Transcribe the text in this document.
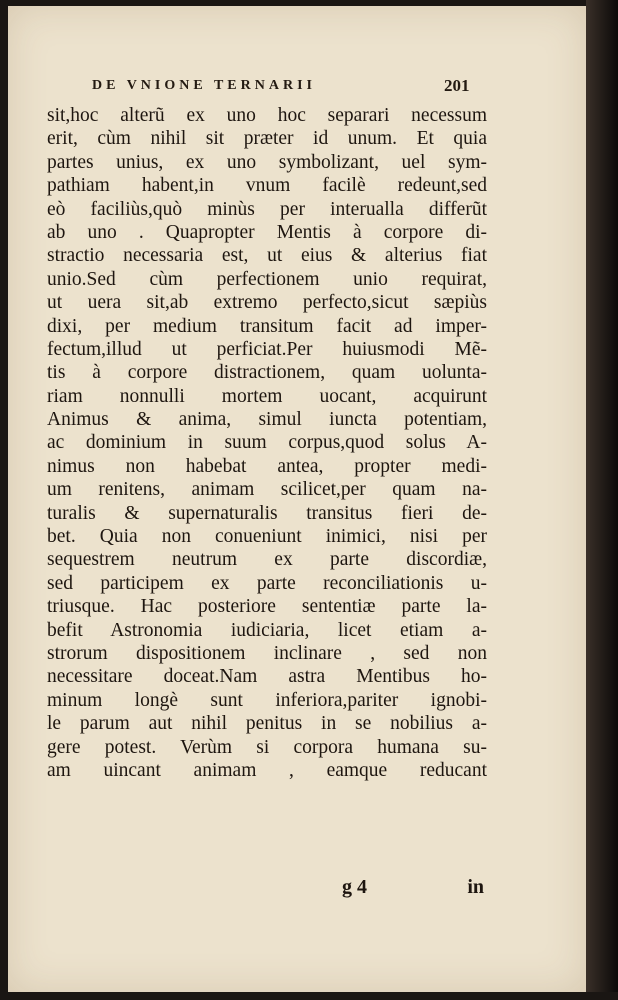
DE VNIONE TERNARII	201
sit,hoc alterũ ex uno hoc separari necessum
erit, cùm nihil sit præter id unum. Et quia
partes unius, ex uno symbolizant, uel sym-
pathiam habent,in vnum facilè redeunt,sed
eò faciliùs,quò minùs per interualla differũt
ab uno . Quapropter Mentis à corpore di-
stractio necessaria est, ut eius & alterius fiat
unio.Sed cùm perfectionem unio requirat,
ut uera sit,ab extremo perfecto,sicut sæpiùs
dixi, per medium transitum facit ad imper-
fectum,illud ut perficiat.Per huiusmodi Mẽ-
tis à corpore distractionem, quam uolunta-
riam nonnulli mortem uocant, acquirunt
Animus & anima, simul iuncta potentiam,
ac dominium in suum corpus,quod solus A-
nimus non habebat antea, propter medi-
um renitens, animam scilicet,per quam na-
turalis & supernaturalis transitus fieri de-
bet. Quia non conueniunt inimici, nisi per
sequestrem neutrum ex parte discordiæ,
sed participem ex parte reconciliationis u-
triusque. Hac posteriore sententiæ parte la-
befit Astronomia iudiciaria, licet etiam a-
strorum dispositionem inclinare , sed non
necessitare doceat.Nam astra Mentibus ho-
minum longè sunt inferiora,pariter ignobi-
le parum aut nihil penitus in se nobilius a-
gere potest. Verùm si corpora humana su-
am uincant animam , eamque reducant
g 4	in
